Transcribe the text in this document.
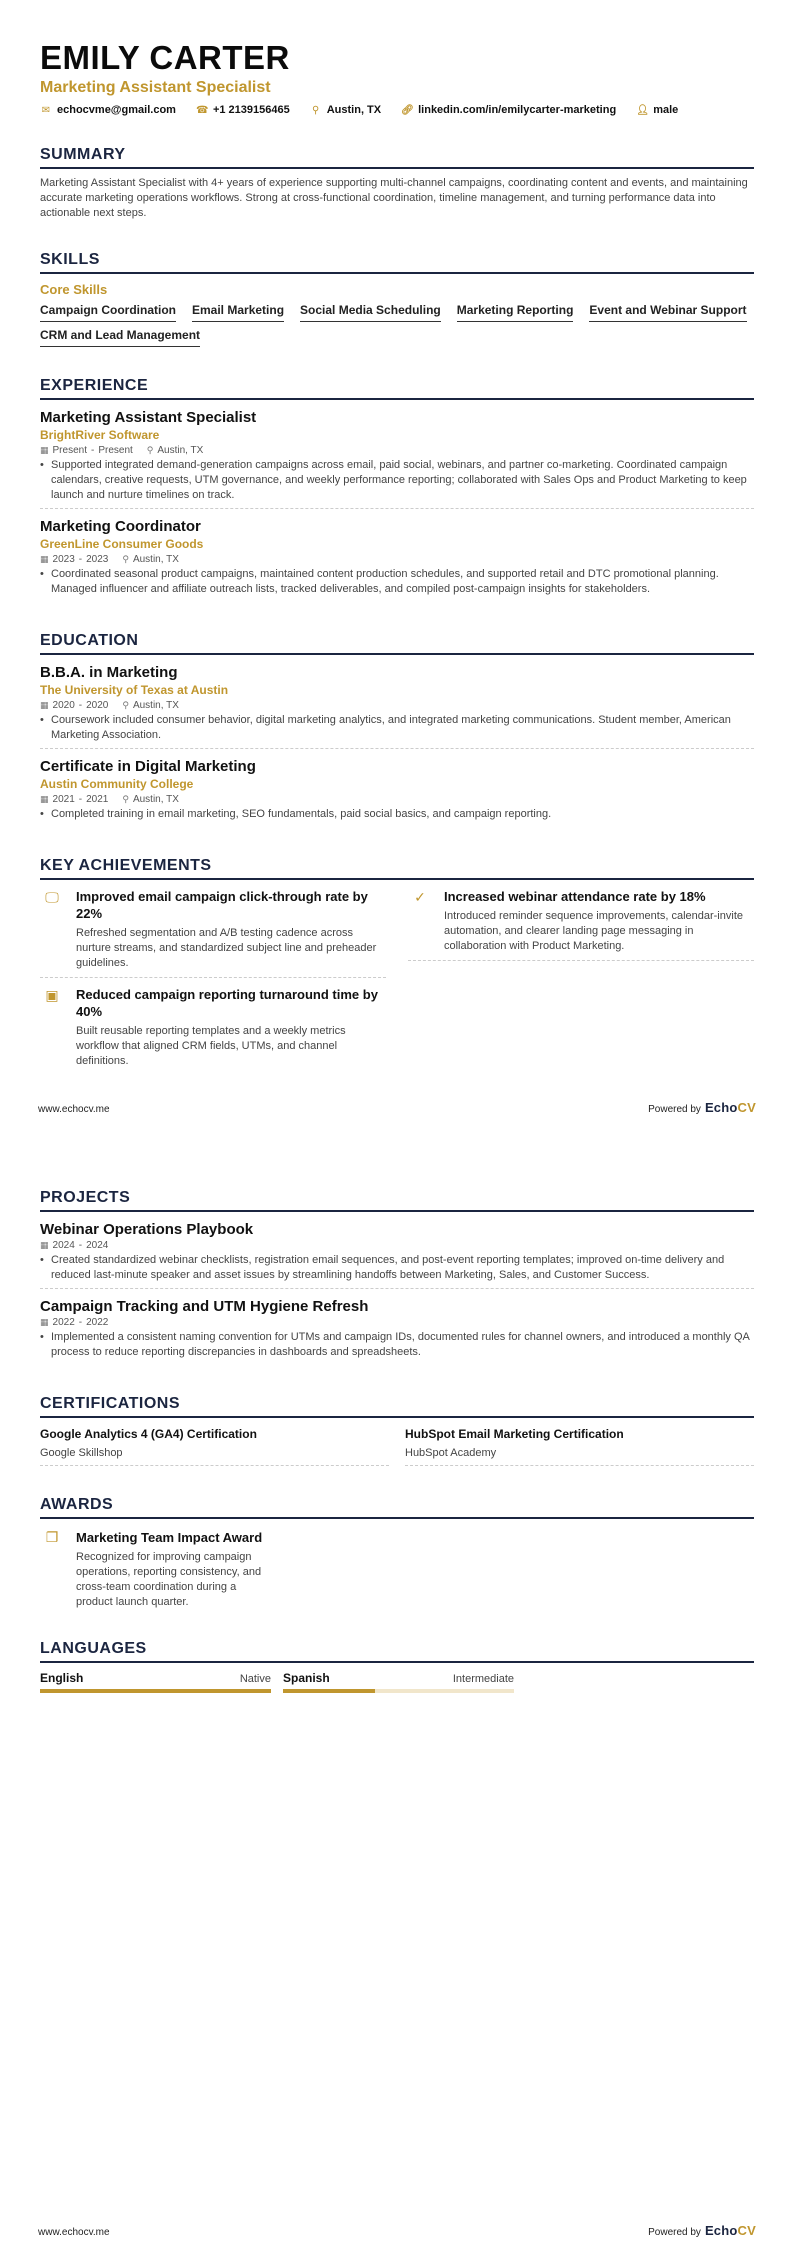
EMILY CARTER
Marketing Assistant Specialist
✉ echocvme@gmail.com ☎ +1 2139156465 ⚲ Austin, TX 🔗︎ linkedin.com/in/emilycarter-marketing 👤︎ male
SUMMARY
Marketing Assistant Specialist with 4+ years of experience supporting multi-channel campaigns, coordinating content and events, and maintaining accurate marketing operations workflows. Strong at cross-functional coordination, timeline management, and turning performance data into actionable next steps.
SKILLS
Core Skills
Campaign Coordination Email Marketing Social Media Scheduling Marketing Reporting Event and Webinar Support
CRM and Lead Management
EXPERIENCE
Marketing Assistant Specialist
BrightRiver Software
▦ Present - Present ⚲ Austin, TX
• Supported integrated demand-generation campaigns across email, paid social, webinars, and partner co-marketing. Coordinated campaign calendars, creative requests, UTM governance, and weekly performance reporting; collaborated with Sales Ops and Product Marketing to keep launch and nurture timelines on track.
Marketing Coordinator
GreenLine Consumer Goods
▦ 2023 - 2023 ⚲ Austin, TX
• Coordinated seasonal product campaigns, maintained content production schedules, and supported retail and DTC promotional planning. Managed influencer and affiliate outreach lists, tracked deliverables, and compiled post-campaign insights for stakeholders.
EDUCATION
B.B.A. in Marketing
The University of Texas at Austin
▦ 2020 - 2020 ⚲ Austin, TX
• Coursework included consumer behavior, digital marketing analytics, and integrated marketing communications. Student member, American Marketing Association.
Certificate in Digital Marketing
Austin Community College
▦ 2021 - 2021 ⚲ Austin, TX
• Completed training in email marketing, SEO fundamentals, paid social basics, and campaign reporting.
KEY ACHIEVEMENTS
🖵︎	Improved email campaign click-through rate by 22%
Refreshed segmentation and A/B testing cadence across nurture streams, and standardized subject line and preheader guidelines.
▣	Reduced campaign reporting turnaround time by 40%
Built reusable reporting templates and a weekly metrics workflow that aligned CRM fields, UTMs, and channel definitions.
✓	Increased webinar attendance rate by 18%
Introduced reminder sequence improvements, calendar-invite automation, and clearer landing page messaging in collaboration with Product Marketing.
www.echocv.me	Powered by EchoCV
PROJECTS
Webinar Operations Playbook
▦ 2024 - 2024
• Created standardized webinar checklists, registration email sequences, and post-event reporting templates; improved on-time delivery and reduced last-minute speaker and asset issues by streamlining handoffs between Marketing, Sales, and Customer Success.
Campaign Tracking and UTM Hygiene Refresh
▦ 2022 - 2022
• Implemented a consistent naming convention for UTMs and campaign IDs, documented rules for channel owners, and introduced a monthly QA process to reduce reporting discrepancies in dashboards and spreadsheets.
CERTIFICATIONS
Google Analytics 4 (GA4) Certification
Google Skillshop
HubSpot Email Marketing Certification
HubSpot Academy
AWARDS
❐	Marketing Team Impact Award
Recognized for improving campaign operations, reporting consistency, and cross-team coordination during a product launch quarter.
LANGUAGES
English	Native Spanish	Intermediate
www.echocv.me	Powered by EchoCV
